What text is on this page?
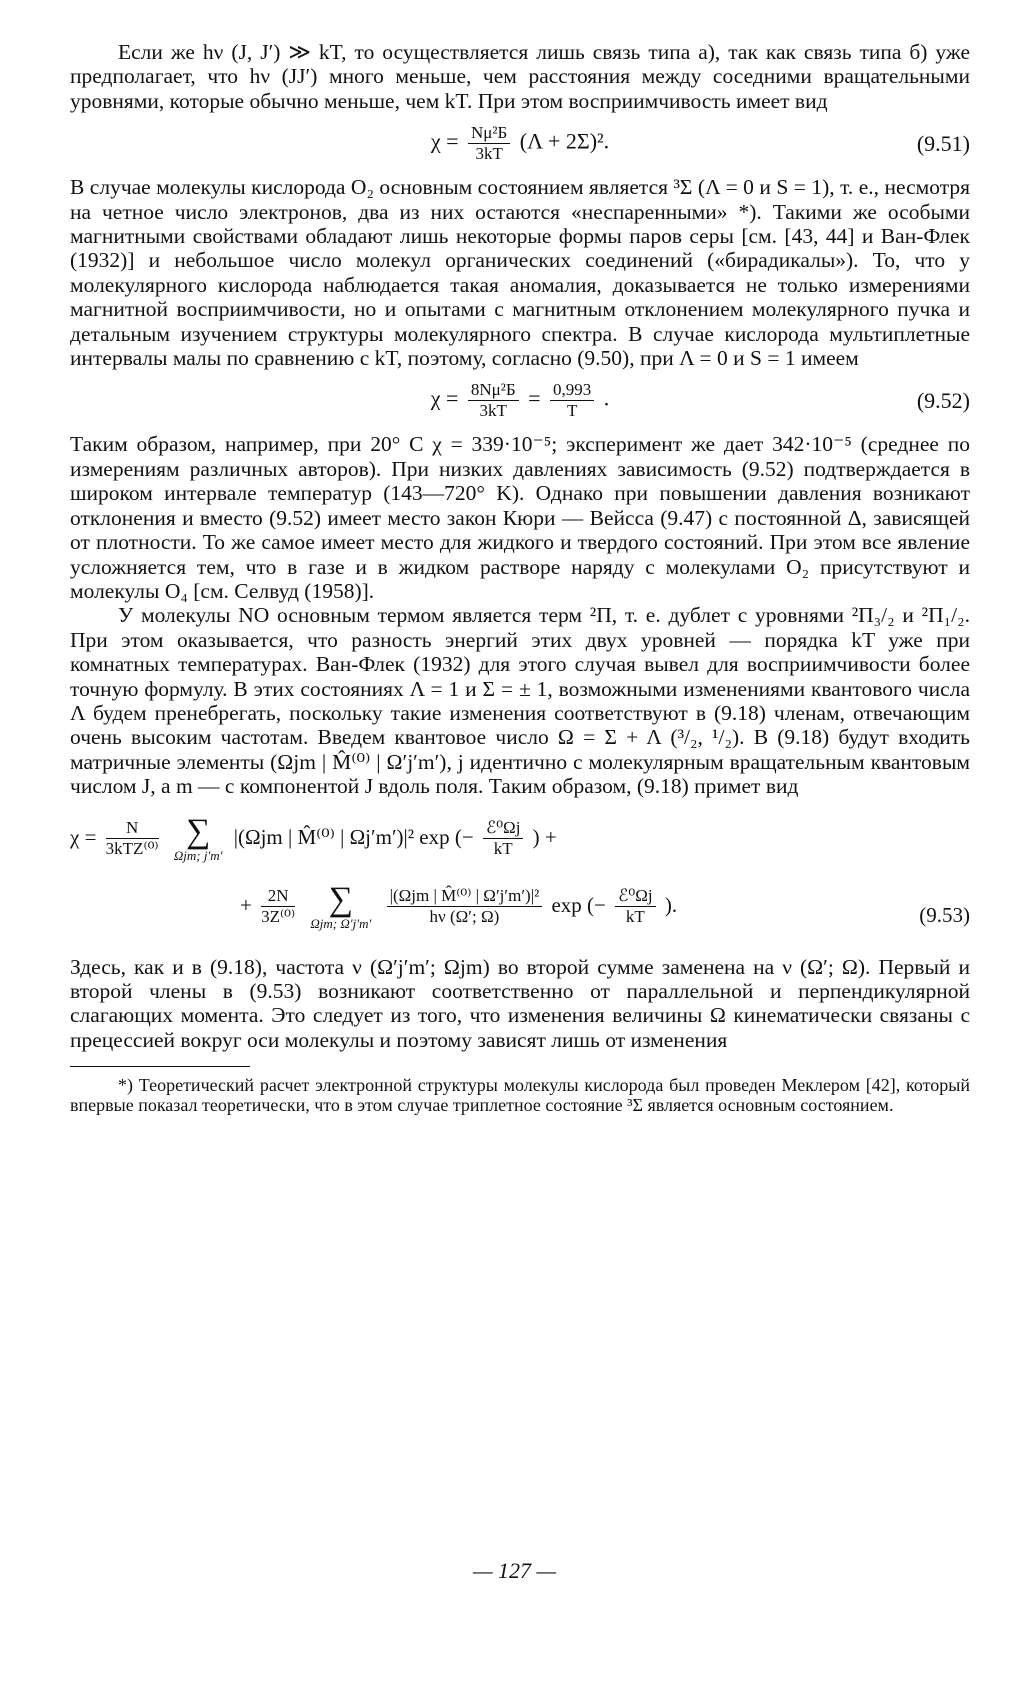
Если же hν (J, J′) ≫ kT, то осуществляется лишь связь типа а), так как связь типа б) уже предполагает, что hν (JJ′) много меньше, чем расстояния между соседними вращательными уровнями, которые обычно меньше, чем kT. При этом восприимчивость имеет вид

$\chi = \frac{\text{Nμ²Б}}{3kT} (\Lambda + 2\Sigma)^2$.	(9.51)

В случае молекулы кислорода O₂ основным состоянием является ³Σ (Λ = 0 и S = 1), т. е., несмотря на четное число электронов, два из них остаются «неспаренными» *). Такими же особыми магнитными свойствами обладают лишь некоторые формы паров серы [см. [43, 44] и Ван-Флек (1932)] и небольшое число молекул органических соединений («бирадикалы»). То, что у молекулярного кислорода наблюдается такая аномалия, доказывается не только измерениями магнитной восприимчивости, но и опытами с магнитным отклонением молекулярного пучка и детальным изучением структуры молекулярного спектра. В случае кислорода мультиплетные интервалы малы по сравнению с kT, поэтому, согласно (9.50), при Λ = 0 и S = 1 имеем

$\chi = \frac{\text{8Nμ²Б}}{3kT} = \frac{0,993}{T}$ .	(9.52)

Таким образом, например, при 20° C χ = 339·10⁻⁵; эксперимент же дает 342·10⁻⁵ (среднее по измерениям различных авторов). При низких давлениях зависимость (9.52) подтверждается в широком интервале температур (143—720° K). Однако при повышении давления возникают отклонения и вместо (9.52) имеет место закон Кюри — Вейсса (9.47) с постоянной Δ, зависящей от плотности. То же самое имеет место для жидкого и твердого состояний. При этом все явление усложняется тем, что в газе и в жидком растворе наряду с молекулами O₂ присутствуют и молекулы O₄ [см. Селвуд (1958)].

У молекулы NO основным термом является терм ²Π, т. е. дублет с уровнями ²Π₃/₂ и ²Π₁/₂. При этом оказывается, что разность энергий этих двух уровней — порядка kT уже при комнатных температурах. Ван-Флек (1932) для этого случая вывел для восприимчивости более точную формулу. В этих состояниях Λ = 1 и Σ = ± 1, возможными изменениями квантового числа Λ будем пренебрегать, поскольку такие изменения соответствуют в (9.18) членам, отвечающим очень высоким частотам. Введем квантовое число Ω = Σ + Λ (³/₂, ¹/₂). В (9.18) будут входить матричные элементы (Ωjm | M̂⁽⁰⁾ | Ω′j′m′), j идентично с молекулярным вращательным квантовым числом J, а m — с компонентой J вдоль поля. Таким образом, (9.18) примет вид

$\chi = \frac{N}{\text{3kTZ⁽⁰⁾}}$
∑
Ωjm; j′m′
|(Ωjm | M̂⁽⁰⁾ | Ωj′m′)|² exp (− $\frac{\text{ℰ⁰Ωj}}{kT}$ ) +
+ $\frac{2N}{\text{3Z⁽⁰⁾}}$
∑
Ωjm; Ω′j′m′
$\frac{\text{|(Ωjm | M̂⁽⁰⁾ | Ω′j′m′)|²}}{h\nu (\Omega'; \Omega)}$ exp (− $\frac{\text{ℰ⁰Ωj}}{kT}$ ).	(9.53)

Здесь, как и в (9.18), частота ν (Ω′j′m′; Ωjm) во второй сумме заменена на ν (Ω′; Ω). Первый и второй члены в (9.53) возникают соответственно от параллельной и перпендикулярной слагающих момента. Это следует из того, что изменения величины Ω кинематически связаны с прецессией вокруг оси молекулы и поэтому зависят лишь от изменения

*) Теоретический расчет электронной структуры молекулы кислорода был проведен Меклером [42], который впервые показал теоретически, что в этом случае триплетное состояние ³Σ является основным состоянием.

— 127 —
